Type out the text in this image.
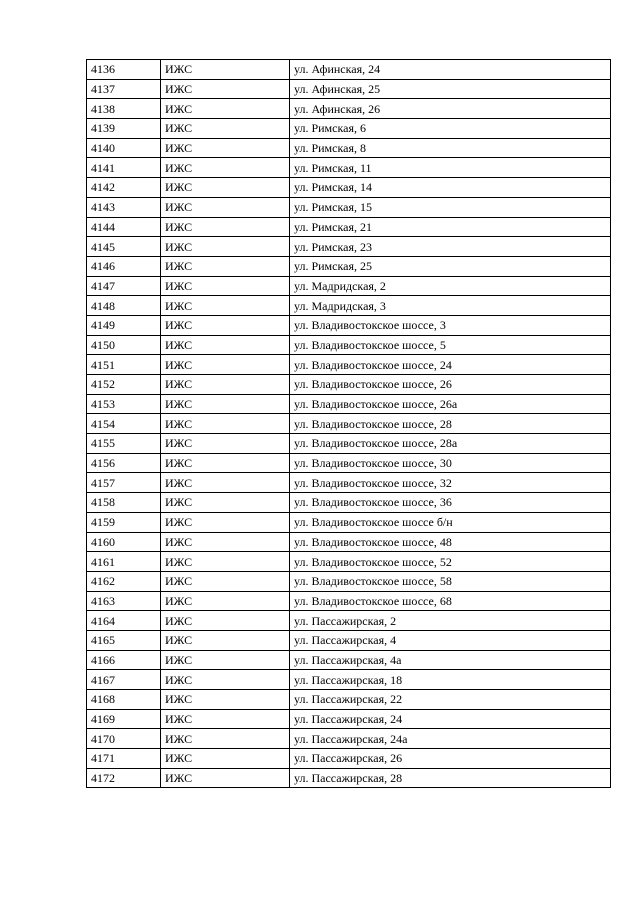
4136	ИЖС	ул. Афинская, 24
4137	ИЖС	ул. Афинская, 25
4138	ИЖС	ул. Афинская, 26
4139	ИЖС	ул. Римская, 6
4140	ИЖС	ул. Римская, 8
4141	ИЖС	ул. Римская, 11
4142	ИЖС	ул. Римская, 14
4143	ИЖС	ул. Римская, 15
4144	ИЖС	ул. Римская, 21
4145	ИЖС	ул. Римская, 23
4146	ИЖС	ул. Римская, 25
4147	ИЖС	ул. Мадридская, 2
4148	ИЖС	ул. Мадридская, 3
4149	ИЖС	ул. Владивостокское шоссе, 3
4150	ИЖС	ул. Владивостокское шоссе, 5
4151	ИЖС	ул. Владивостокское шоссе, 24
4152	ИЖС	ул. Владивостокское шоссе, 26
4153	ИЖС	ул. Владивостокское шоссе, 26а
4154	ИЖС	ул. Владивостокское шоссе, 28
4155	ИЖС	ул. Владивостокское шоссе, 28а
4156	ИЖС	ул. Владивостокское шоссе, 30
4157	ИЖС	ул. Владивостокское шоссе, 32
4158	ИЖС	ул. Владивостокское шоссе, 36
4159	ИЖС	ул. Владивостокское шоссе б/н
4160	ИЖС	ул. Владивостокское шоссе, 48
4161	ИЖС	ул. Владивостокское шоссе, 52
4162	ИЖС	ул. Владивостокское шоссе, 58
4163	ИЖС	ул. Владивостокское шоссе, 68
4164	ИЖС	ул. Пассажирская, 2
4165	ИЖС	ул. Пассажирская, 4
4166	ИЖС	ул. Пассажирская, 4а
4167	ИЖС	ул. Пассажирская, 18
4168	ИЖС	ул. Пассажирская, 22
4169	ИЖС	ул. Пассажирская, 24
4170	ИЖС	ул. Пассажирская, 24а
4171	ИЖС	ул. Пассажирская, 26
4172	ИЖС	ул. Пассажирская, 28
